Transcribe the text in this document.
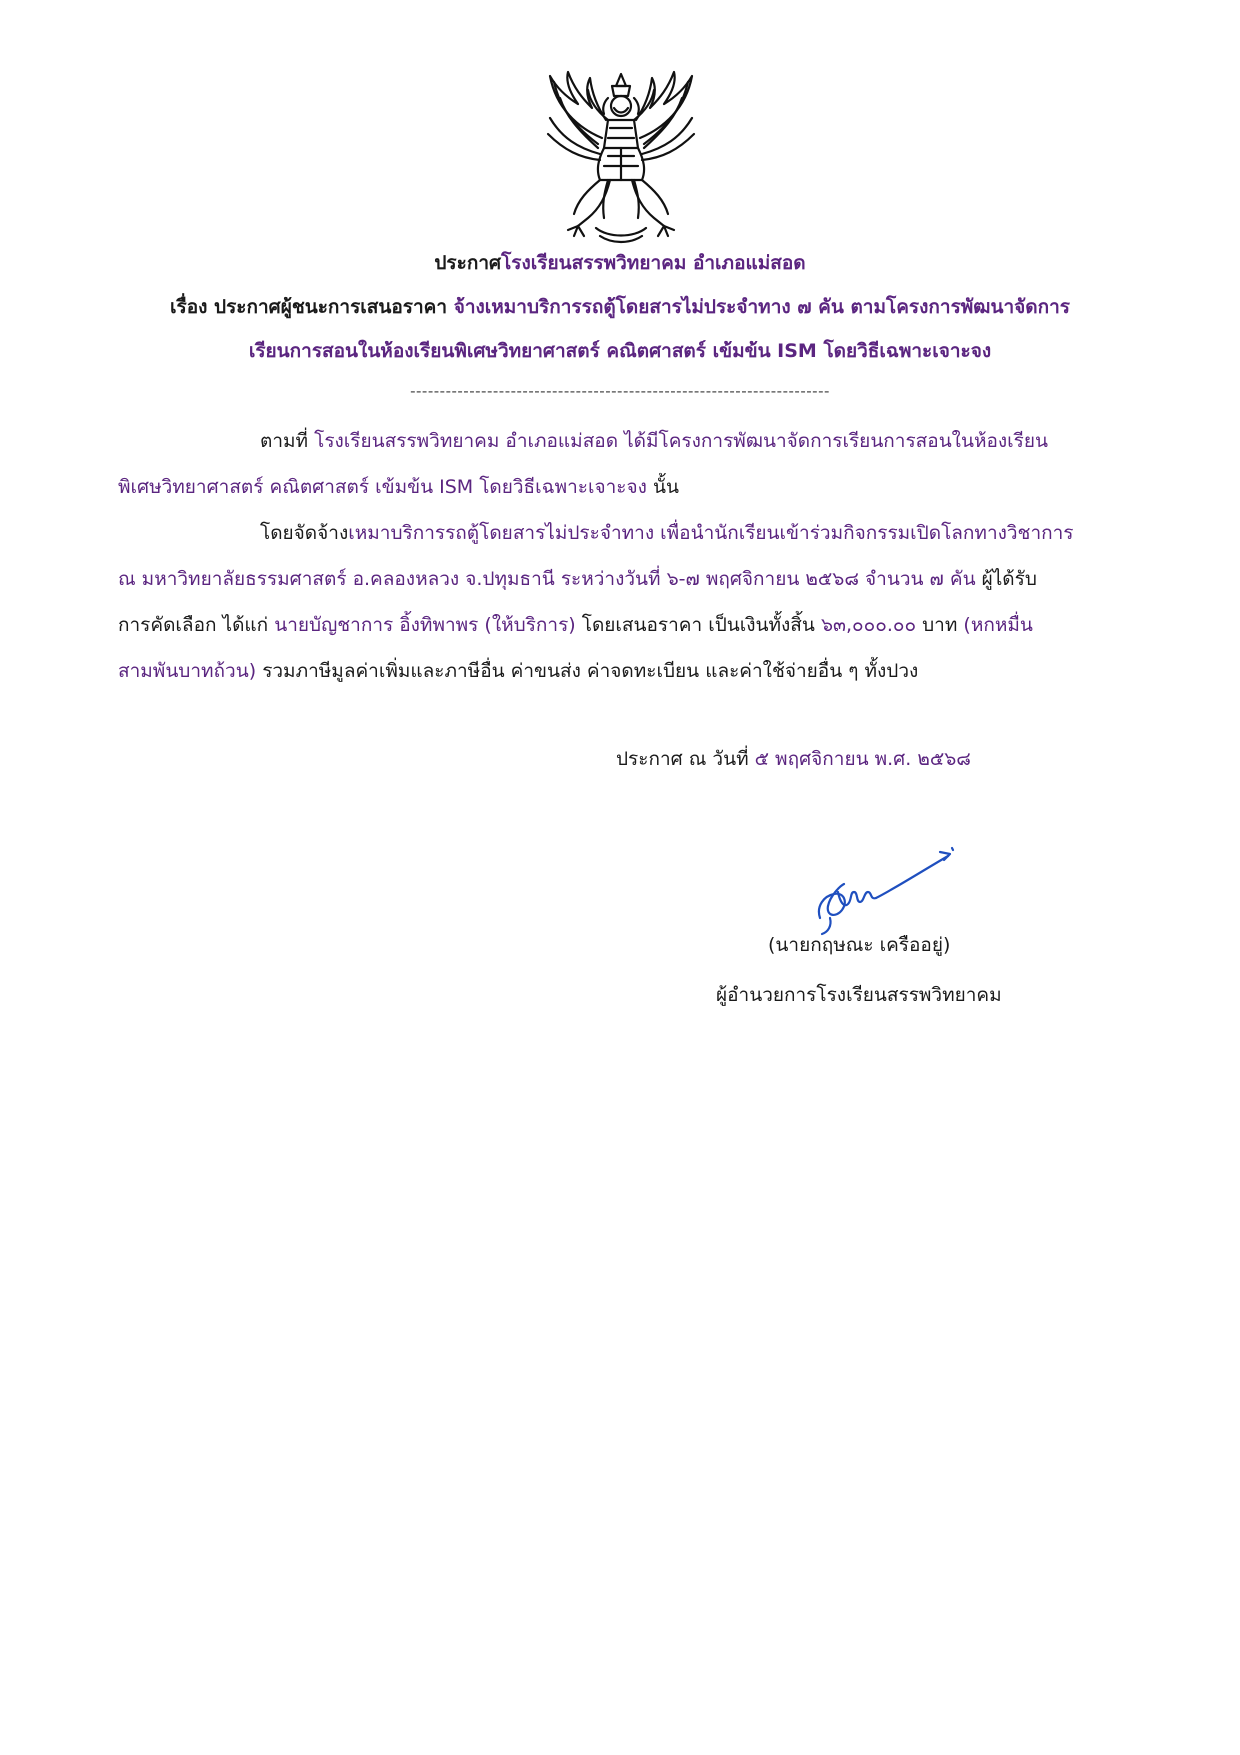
ประกาศโรงเรียนสรรพวิทยาคม อำเภอแม่สอด
เรื่อง ประกาศผู้ชนะการเสนอราคา จ้างเหมาบริการรถตู้โดยสารไม่ประจำทาง ๗ คัน ตามโครงการพัฒนาจัดการ
เรียนการสอนในห้องเรียนพิเศษวิทยาศาสตร์ คณิตศาสตร์ เข้มข้น ISM โดยวิธีเฉพาะเจาะจง
-----------------------------------------------------------------------
ตามที่ โรงเรียนสรรพวิทยาคม อำเภอแม่สอด ได้มีโครงการพัฒนาจัดการเรียนการสอนในห้องเรียน
พิเศษวิทยาศาสตร์ คณิตศาสตร์ เข้มข้น ISM โดยวิธีเฉพาะเจาะจง นั้น
โดยจัดจ้างเหมาบริการรถตู้โดยสารไม่ประจำทาง เพื่อนำนักเรียนเข้าร่วมกิจกรรมเปิดโลกทางวิชาการ
ณ มหาวิทยาลัยธรรมศาสตร์ อ.คลองหลวง จ.ปทุมธานี ระหว่างวันที่ ๖-๗ พฤศจิกายน ๒๕๖๘ จำนวน ๗ คัน ผู้ได้รับ
การคัดเลือก ได้แก่ นายบัญชาการ อิ้งทิพาพร (ให้บริการ) โดยเสนอราคา เป็นเงินทั้งสิ้น ๖๓,๐๐๐.๐๐ บาท (หกหมื่น
สามพันบาทถ้วน) รวมภาษีมูลค่าเพิ่มและภาษีอื่น ค่าขนส่ง ค่าจดทะเบียน และค่าใช้จ่ายอื่น ๆ ทั้งปวง
ประกาศ ณ วันที่ ๕ พฤศจิกายน พ.ศ. ๒๕๖๘
(นายกฤษณะ เครืออยู่)
ผู้อำนวยการโรงเรียนสรรพวิทยาคม
